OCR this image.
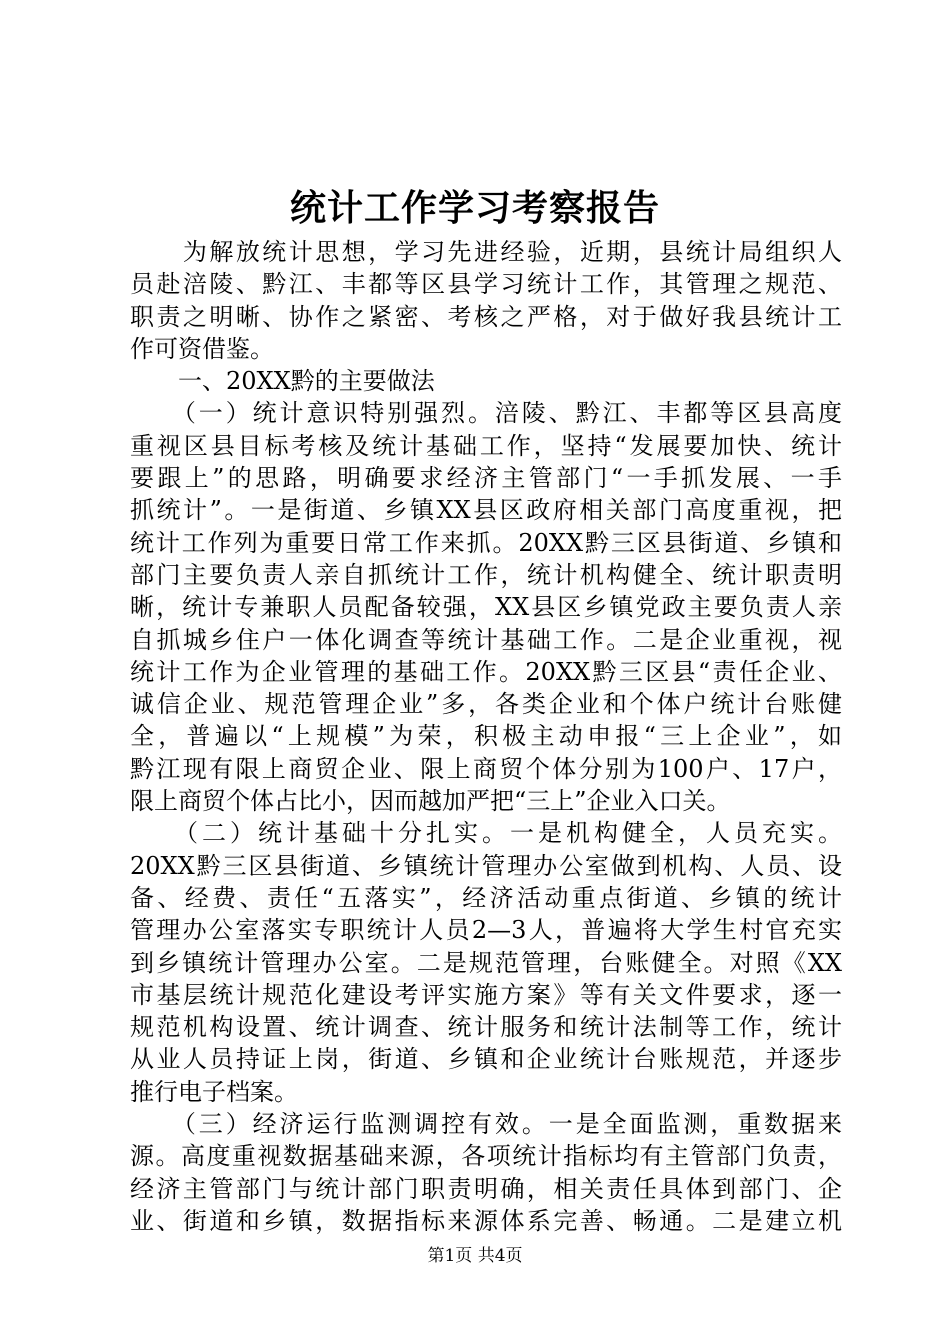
统计工作学习考察报告
　　为解放统计思想，学习先进经验，近期，县统计局组织人
员赴涪陵、黔江、丰都等区县学习统计工作，其管理之规范、
职责之明晰、协作之紧密、考核之严格，对于做好我县统计工
作可资借鉴。
　　一、20XX黔的主要做法
　　（一）统计意识特别强烈。涪陵、黔江、丰都等区县高度
重视区县目标考核及统计基础工作，坚持“发展要加快、统计
要跟上”的思路，明确要求经济主管部门“一手抓发展、一手
抓统计”。一是街道、乡镇XX县区政府相关部门高度重视，把
统计工作列为重要日常工作来抓。20XX黔三区县街道、乡镇和
部门主要负责人亲自抓统计工作，统计机构健全、统计职责明
晰，统计专兼职人员配备较强，XX县区乡镇党政主要负责人亲
自抓城乡住户一体化调查等统计基础工作。二是企业重视，视
统计工作为企业管理的基础工作。20XX黔三区县“责任企业、
诚信企业、规范管理企业”多，各类企业和个体户统计台账健
全，普遍以“上规模”为荣，积极主动申报“三上企业”，如
黔江现有限上商贸企业、限上商贸个体分别为100户、17户，
限上商贸个体占比小，因而越加严把“三上”企业入口关。
　　（二）统计基础十分扎实。一是机构健全，人员充实。
20XX黔三区县街道、乡镇统计管理办公室做到机构、人员、设
备、经费、责任“五落实”，经济活动重点街道、乡镇的统计
管理办公室落实专职统计人员2—3人，普遍将大学生村官充实
到乡镇统计管理办公室。二是规范管理，台账健全。对照《XX
市基层统计规范化建设考评实施方案》等有关文件要求，逐一
规范机构设置、统计调查、统计服务和统计法制等工作，统计
从业人员持证上岗，街道、乡镇和企业统计台账规范，并逐步
推行电子档案。
　　（三）经济运行监测调控有效。一是全面监测，重数据来
源。高度重视数据基础来源，各项统计指标均有主管部门负责，
经济主管部门与统计部门职责明确，相关责任具体到部门、企
业、街道和乡镇，数据指标来源体系完善、畅通。二是建立机
第1页 共4页
